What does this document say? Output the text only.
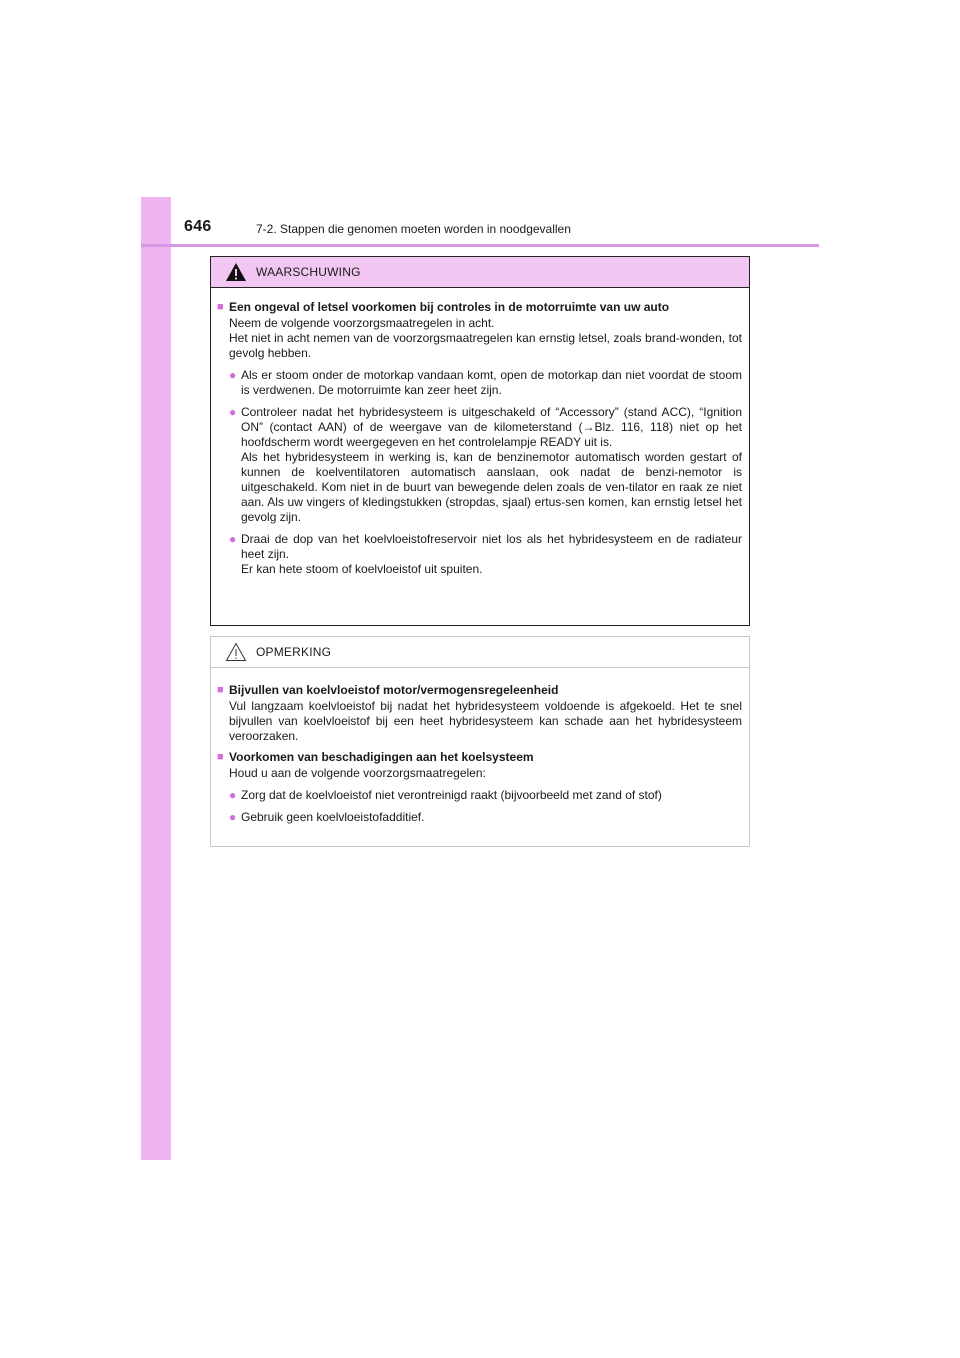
646	7-2. Stappen die genomen moeten worden in noodgevallen
WAARSCHUWING
■ Een ongeval of letsel voorkomen bij controles in de motorruimte van uw auto
Neem de volgende voorzorgsmaatregelen in acht.
Het niet in acht nemen van de voorzorgsmaatregelen kan ernstig letsel, zoals brand-wonden, tot gevolg hebben.
● Als er stoom onder de motorkap vandaan komt, open de motorkap dan niet voordat de stoom is verdwenen. De motorruimte kan zeer heet zijn.
● Controleer nadat het hybridesysteem is uitgeschakeld of “Accessory” (stand ACC), “Ignition ON” (contact AAN) of de weergave van de kilometerstand (→Blz. 116, 118) niet op het hoofdscherm wordt weergegeven en het controlelampje READY uit is.
Als het hybridesysteem in werking is, kan de benzinemotor automatisch worden gestart of kunnen de koelventilatoren automatisch aanslaan, ook nadat de benzi-nemotor is uitgeschakeld. Kom niet in de buurt van bewegende delen zoals de ven-tilator en raak ze niet aan. Als uw vingers of kledingstukken (stropdas, sjaal) ertus-sen komen, kan ernstig letsel het gevolg zijn.
● Draai de dop van het koelvloeistofreservoir niet los als het hybridesysteem en de radiateur heet zijn.
Er kan hete stoom of koelvloeistof uit spuiten.
OPMERKING
■ Bijvullen van koelvloeistof motor/vermogensregeleenheid
Vul langzaam koelvloeistof bij nadat het hybridesysteem voldoende is afgekoeld. Het te snel bijvullen van koelvloeistof bij een heet hybridesysteem kan schade aan het hybridesysteem veroorzaken.
■ Voorkomen van beschadigingen aan het koelsysteem
Houd u aan de volgende voorzorgsmaatregelen:
● Zorg dat de koelvloeistof niet verontreinigd raakt (bijvoorbeeld met zand of stof)
● Gebruik geen koelvloeistofadditief.
